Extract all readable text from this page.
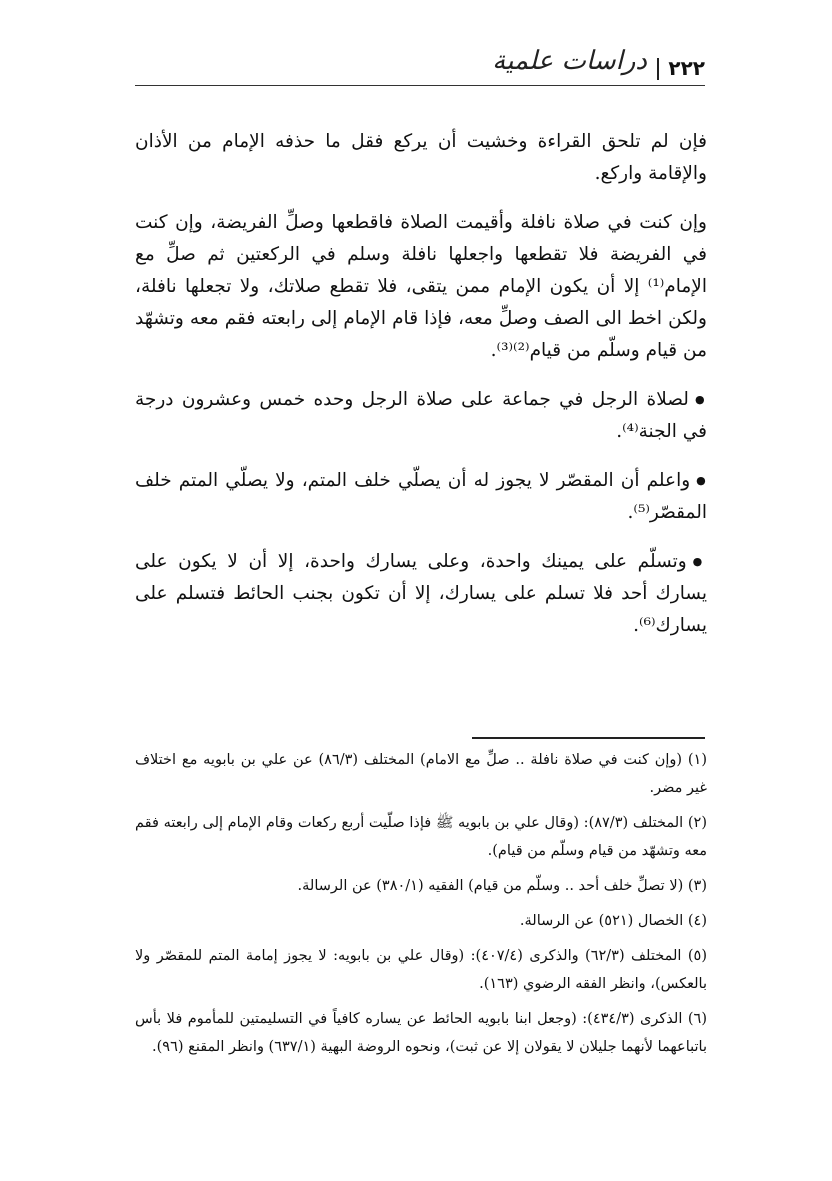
٢٢٢
دراسات علمية

فإن لم تلحق القراءة وخشيت أن يركع فقل ما حذفه الإمام من الأذان والإقامة واركع.

وإن كنت في صلاة نافلة وأقيمت الصلاة فاقطعها وصلِّ الفريضة، وإن كنت في الفريضة فلا تقطعها واجعلها نافلة وسلم في الركعتين ثم صلِّ مع الإمام⁽¹⁾ إلا أن يكون الإمام ممن يتقى، فلا تقطع صلاتك، ولا تجعلها نافلة، ولكن اخط الى الصف وصلِّ معه، فإذا قام الإمام إلى رابعته فقم معه وتشهّد من قيام وسلّم من قيام⁽²⁾⁽³⁾.

● لصلاة الرجل في جماعة على صلاة الرجل وحده خمس وعشرون درجة في الجنة⁽⁴⁾.

● واعلم أن المقصّر لا يجوز له أن يصلّي خلف المتم، ولا يصلّي المتم خلف المقصّر⁽⁵⁾.

● وتسلّم على يمينك واحدة، وعلى يسارك واحدة، إلا أن لا يكون على يسارك أحد فلا تسلم على يسارك، إلا أن تكون بجنب الحائط فتسلم على يسارك⁽⁶⁾.

(١) (وإن كنت في صلاة نافلة .. صلِّ مع الامام) المختلف (٨٦/٣) عن علي بن بابويه مع اختلاف غير مضر.

(٢) المختلف (٨٧/٣): (وقال علي بن بابويه ﷺ فإذا صلّيت أربع ركعات وقام الإمام إلى رابعته فقم معه وتشهّد من قيام وسلّم من قيام).

(٣) (لا تصلِّ خلف أحد .. وسلّم من قيام) الفقيه (٣٨٠/١) عن الرسالة.

(٤) الخصال (٥٢١) عن الرسالة.

(٥) المختلف (٦٢/٣) والذكرى (٤٠٧/٤): (وقال علي بن بابويه: لا يجوز إمامة المتم للمقصّر ولا بالعكس)، وانظر الفقه الرضوي (١٦٣).

(٦) الذكرى (٤٣٤/٣): (وجعل ابنا بابويه الحائط عن يساره كافياً في التسليمتين للمأموم فلا بأس باتباعهما لأنهما جليلان لا يقولان إلا عن ثبت)، ونحوه الروضة البهية (٦٣٧/١) وانظر المقنع (٩٦).
